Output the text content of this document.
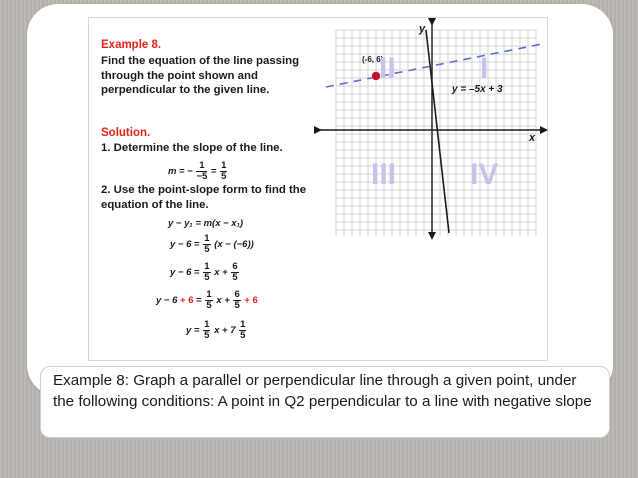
Example 8.
Find the equation of the line passing through the point shown and perpendicular to the given line.
Solution.
1. Determine the slope of the line.
m = − $\frac{1}{-5} = \frac{1}{5}$
2. Use the point-slope form to find the equation of the line.
y − y₁ = m(x − x₁)
$y - 6 = \frac{1}{5} (x - (-6))$
$y - 6 = \frac{1}{5}$ $x + \frac{6}{5}$
$y - 6 + 6 = \frac{1}{5}$ $x + \frac{6}{5} + 6$
$y = \frac{1}{5}$ $x + 7 \frac{1}{5}$
(-6, 6)
y = –5x + 3
II	I
III IV
x
y
Example 8: Graph a parallel or perpendicular line through a given point, under the following conditions: A point in Q2 perpendicular to a line with negative slope
